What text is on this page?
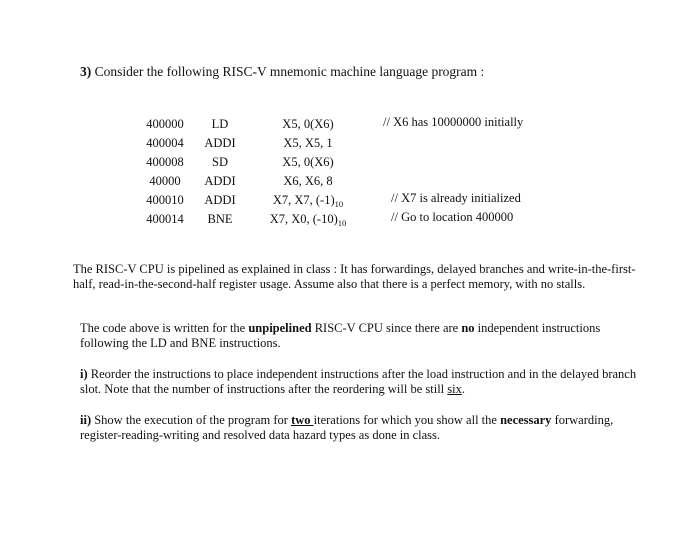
3) Consider the following RISC-V mnemonic machine language program :
400000
400004
400008
40000
400010
400014
LD
ADDI
SD
ADDI
ADDI
BNE
X5, 0(X6)
X5, X5, 1
X5, 0(X6)
X6, X6, 8
X7, X7, $(-1)_{10}$
X7, X0, $(-10)_{10}$
// X6 has 10000000 initially
// X7 is already initialized
// Go to location 400000
The RISC-V CPU is pipelined as explained in class : It has forwardings, delayed branches and write-in-the-first-half, read-in-the-second-half register usage. Assume also that there is a perfect memory, with no stalls.
The code above is written for the unpipelined RISC-V CPU since there are no independent instructions following the LD and BNE instructions.
i) Reorder the instructions to place independent instructions after the load instruction and in the delayed branch slot. Note that the number of instructions after the reordering will be still six.
ii) Show the execution of the program for two iterations for which you show all the necessary forwarding, register-reading-writing and resolved data hazard types as done in class.
